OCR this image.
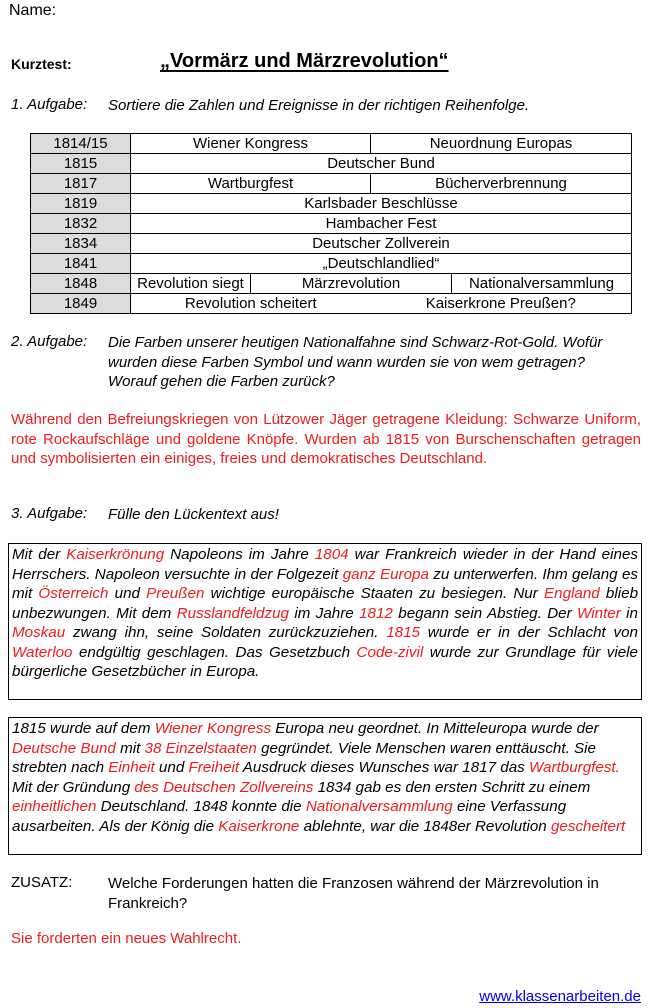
Name:
Kurztest:	„Vormärz und Märzrevolution“
1. Aufgabe: Sortiere die Zahlen und Ereignisse in der richtigen Reihenfolge.
1814/15	Wiener Kongress		Neuordnung Europas	
1815	Deutscher Bund			
1817	Wartburgfest		Bücherverbrennung	
1819	Karlsbader Beschlüsse			
1832	Hambacher Fest			
1834	Deutscher Zollverein			
1841	„Deutschlandlied“			
1848	Revolution siegt	Märzrevolution		Nationalversammlung
1849	Revolution scheitert		Kaiserkrone Preußen?	
2. Aufgabe: Die Farben unserer heutigen Nationalfahne sind Schwarz-Rot-Gold. Wofür wurden diese Farben Symbol und wann wurden sie von wem getragen? Worauf gehen die Farben zurück?
Während den Befreiungskriegen von Lützower Jäger getragene Kleidung: Schwarze Uniform, rote Rockaufschläge und goldene Knöpfe. Wurden ab 1815 von Burschenschaften getragen und symbolisierten ein einiges, freies und demokratisches Deutschland.
3. Aufgabe: Fülle den Lückentext aus!
Mit der Kaiserkrönung Napoleons im Jahre 1804 war Frankreich wieder in der Hand eines Herrschers. Napoleon versuchte in der Folgezeit ganz Europa zu unterwerfen. Ihm gelang es mit Österreich und Preußen wichtige europäische Staaten zu besiegen. Nur England blieb unbezwungen. Mit dem Russlandfeldzug im Jahre 1812 begann sein Abstieg. Der Winter in Moskau zwang ihn, seine Soldaten zurückzuziehen. 1815 wurde er in der Schlacht von Waterloo endgültig geschlagen. Das Gesetzbuch Code-zivil wurde zur Grundlage für viele bürgerliche Gesetzbücher in Europa.
1815 wurde auf dem Wiener Kongress Europa neu geordnet. In Mitteleuropa wurde der Deutsche Bund mit 38 Einzelstaaten gegründet. Viele Menschen waren enttäuscht. Sie strebten nach Einheit und Freiheit Ausdruck dieses Wunsches war 1817 das Wartburgfest. Mit der Gründung des Deutschen Zollvereins 1834 gab es den ersten Schritt zu einem einheitlichen Deutschland. 1848 konnte die Nationalversammlung eine Verfassung ausarbeiten. Als der König die Kaiserkrone ablehnte, war die 1848er Revolution gescheitert
ZUSATZ: Welche Forderungen hatten die Franzosen während der Märzrevolution in Frankreich?
Sie forderten ein neues Wahlrecht.
www.klassenarbeiten.de
